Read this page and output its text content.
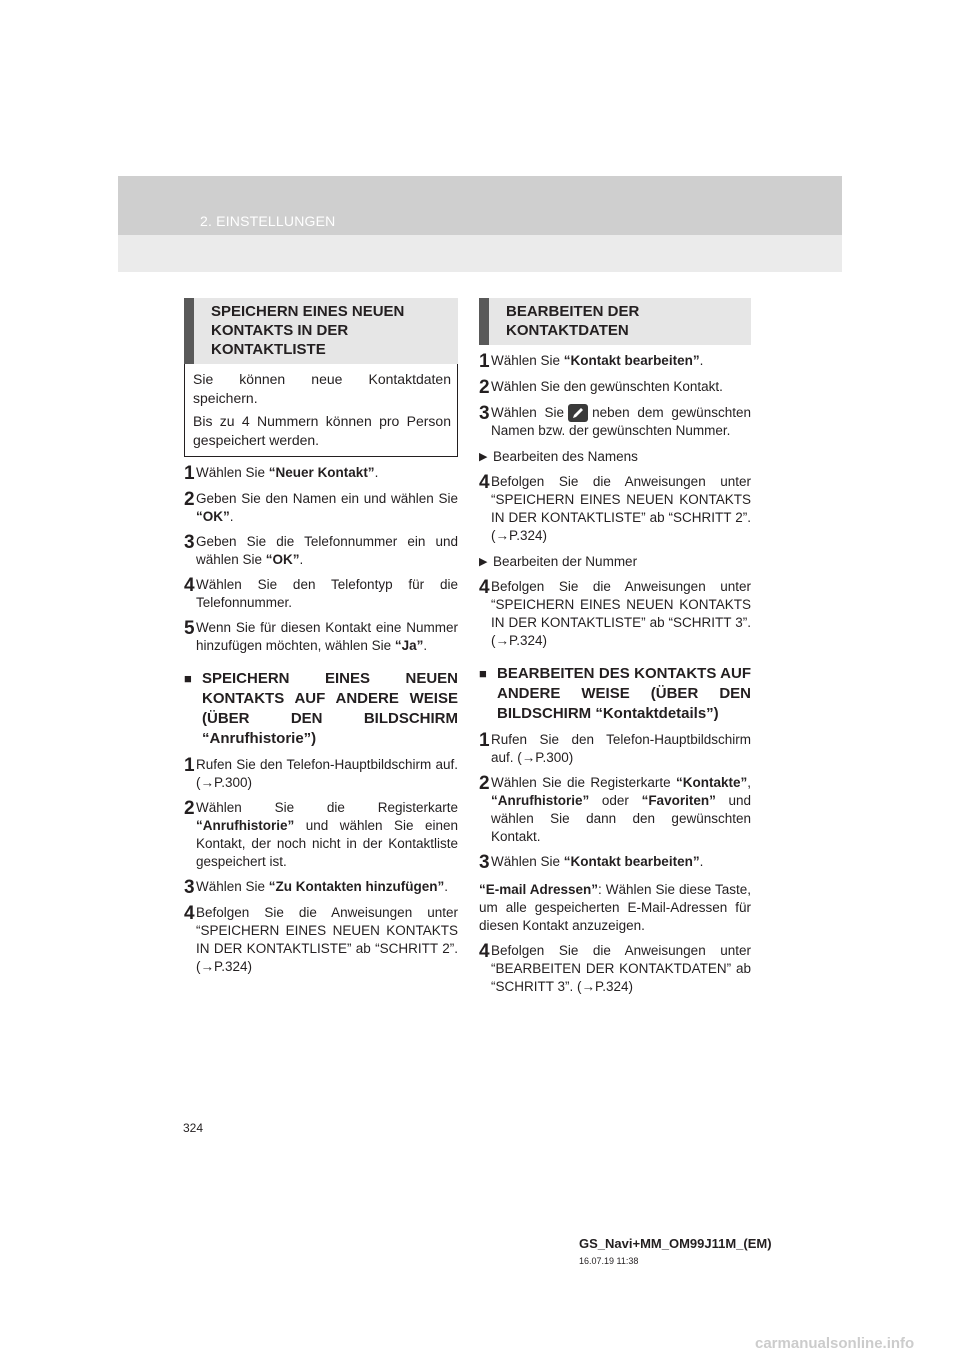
2. EINSTELLUNGEN
SPEICHERN EINES NEUEN KONTAKTS IN DER KONTAKTLISTE

Sie können neue Kontaktdaten speichern.

Bis zu 4 Nummern können pro Person gespeichert werden.

1 Wählen Sie “Neuer Kontakt”.
2 Geben Sie den Namen ein und wählen Sie “OK”.
3 Geben Sie die Telefonnummer ein und wählen Sie “OK”.
4 Wählen Sie den Telefontyp für die Telefonnummer.
5 Wenn Sie für diesen Kontakt eine Nummer hinzufügen möchten, wählen Sie “Ja”.
■ SPEICHERN EINES NEUEN KONTAKTS AUF ANDERE WEISE (ÜBER DEN BILDSCHIRM “Anrufhistorie”)
1 Rufen Sie den Telefon-Hauptbildschirm auf. (→P.300)
2 Wählen Sie die Registerkarte “Anrufhistorie” und wählen Sie einen Kontakt, der noch nicht in der Kontaktliste gespeichert ist.
3 Wählen Sie “Zu Kontakten hinzufügen”.
4 Befolgen Sie die Anweisungen unter “SPEICHERN EINES NEUEN KONTAKTS IN DER KONTAKTLISTE” ab “SCHRITT 2”. (→P.324)
BEARBEITEN DER KONTAKTDATEN
1 Wählen Sie “Kontakt bearbeiten”.
2 Wählen Sie den gewünschten Kontakt.
3 Wählen Sie neben dem gewünschten Namen bzw. der gewünschten Nummer.
▶ Bearbeiten des Namens
4 Befolgen Sie die Anweisungen unter “SPEICHERN EINES NEUEN KONTAKTS IN DER KONTAKTLISTE” ab “SCHRITT 2”. (→P.324)
▶ Bearbeiten der Nummer
4 Befolgen Sie die Anweisungen unter “SPEICHERN EINES NEUEN KONTAKTS IN DER KONTAKTLISTE” ab “SCHRITT 3”. (→P.324)
■ BEARBEITEN DES KONTAKTS AUF ANDERE WEISE (ÜBER DEN BILDSCHIRM “Kontaktdetails”)
1 Rufen Sie den Telefon-Hauptbildschirm auf. (→P.300)
2 Wählen Sie die Registerkarte “Kontakte”, “Anrufhistorie” oder “Favoriten” und wählen Sie dann den gewünschten Kontakt.
3 Wählen Sie “Kontakt bearbeiten”.
“E-mail Adressen”: Wählen Sie diese Taste, um alle gespeicherten E-Mail-Adressen für diesen Kontakt anzuzeigen.
4 Befolgen Sie die Anweisungen unter “BEARBEITEN DER KONTAKTDATEN” ab “SCHRITT 3”. (→P.324)
324
GS_Navi+MM_OM99J11M_(EM)
16.07.19 11:38
carmanualsonline.info
